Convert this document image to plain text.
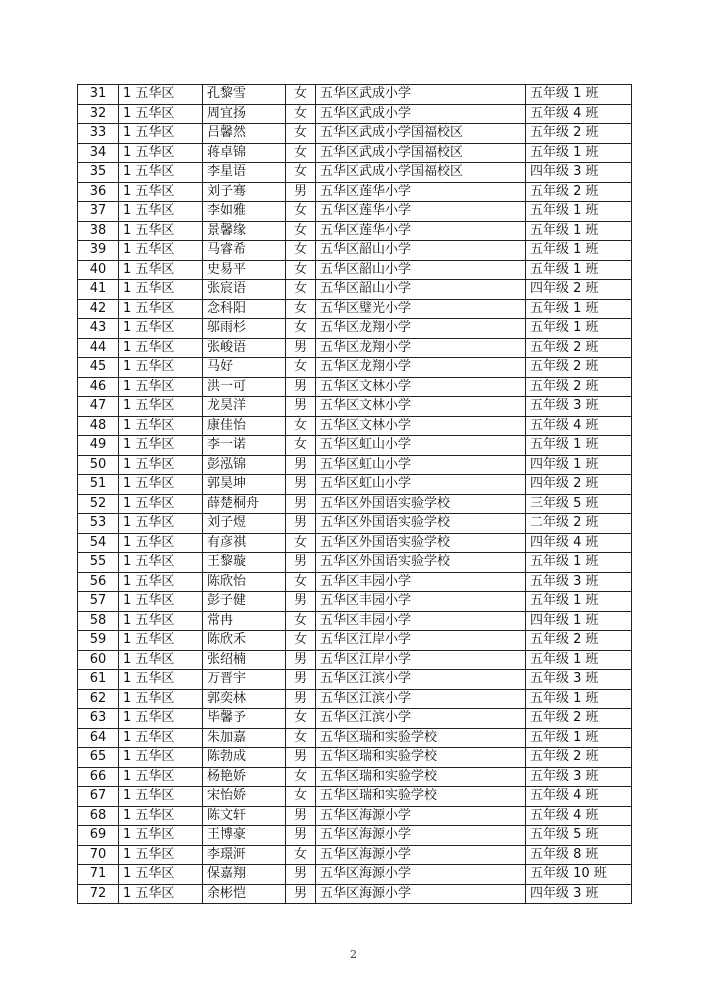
31	1 五华区	孔黎雪	女	五华区武成小学	五年级 1 班
32	1 五华区	周宜扬	女	五华区武成小学	五年级 4 班
33	1 五华区	吕馨然	女	五华区武成小学国福校区	五年级 2 班
34	1 五华区	蒋卓锦	女	五华区武成小学国福校区	五年级 1 班
35	1 五华区	李星语	女	五华区武成小学国福校区	四年级 3 班
36	1 五华区	刘子骞	男	五华区莲华小学	五年级 2 班
37	1 五华区	李如雅	女	五华区莲华小学	五年级 1 班
38	1 五华区	景馨缘	女	五华区莲华小学	五年级 1 班
39	1 五华区	马睿希	女	五华区韶山小学	五年级 1 班
40	1 五华区	史易平	女	五华区韶山小学	五年级 1 班
41	1 五华区	张宸语	女	五华区韶山小学	四年级 2 班
42	1 五华区	念科阳	女	五华区璧光小学	五年级 1 班
43	1 五华区	邬雨杉	女	五华区龙翔小学	五年级 1 班
44	1 五华区	张峻语	男	五华区龙翔小学	五年级 2 班
45	1 五华区	马好	女	五华区龙翔小学	五年级 2 班
46	1 五华区	洪一可	男	五华区文林小学	五年级 2 班
47	1 五华区	龙昊洋	男	五华区文林小学	五年级 3 班
48	1 五华区	康佳怡	女	五华区文林小学	五年级 4 班
49	1 五华区	李一诺	女	五华区虹山小学	五年级 1 班
50	1 五华区	彭泓锦	男	五华区虹山小学	四年级 1 班
51	1 五华区	郭昊坤	男	五华区虹山小学	四年级 2 班
52	1 五华区	薛楚桐舟	男	五华区外国语实验学校	三年级 5 班
53	1 五华区	刘子煜	男	五华区外国语实验学校	二年级 2 班
54	1 五华区	有彦祺	女	五华区外国语实验学校	四年级 4 班
55	1 五华区	王黎璇	男	五华区外国语实验学校	五年级 1 班
56	1 五华区	陈欣怡	女	五华区丰园小学	五年级 3 班
57	1 五华区	彭子健	男	五华区丰园小学	五年级 1 班
58	1 五华区	常冉	女	五华区丰园小学	四年级 1 班
59	1 五华区	陈欣禾	女	五华区江岸小学	五年级 2 班
60	1 五华区	张绍楠	男	五华区江岸小学	五年级 1 班
61	1 五华区	万晋宇	男	五华区江滨小学	五年级 3 班
62	1 五华区	郭奕林	男	五华区江滨小学	五年级 1 班
63	1 五华区	毕馨予	女	五华区江滨小学	五年级 2 班
64	1 五华区	朱加嘉	女	五华区瑞和实验学校	五年级 1 班
65	1 五华区	陈勃成	男	五华区瑞和实验学校	五年级 2 班
66	1 五华区	杨艳娇	女	五华区瑞和实验学校	五年级 3 班
67	1 五华区	宋怡娇	女	五华区瑞和实验学校	五年级 4 班
68	1 五华区	陈文轩	男	五华区海源小学	五年级 4 班
69	1 五华区	王博豪	男	五华区海源小学	五年级 5 班
70	1 五华区	李璟涆	女	五华区海源小学	五年级 8 班
71	1 五华区	保嘉翔	男	五华区海源小学	五年级 10 班
72	1 五华区	余彬恺	男	五华区海源小学	四年级 3 班
2
